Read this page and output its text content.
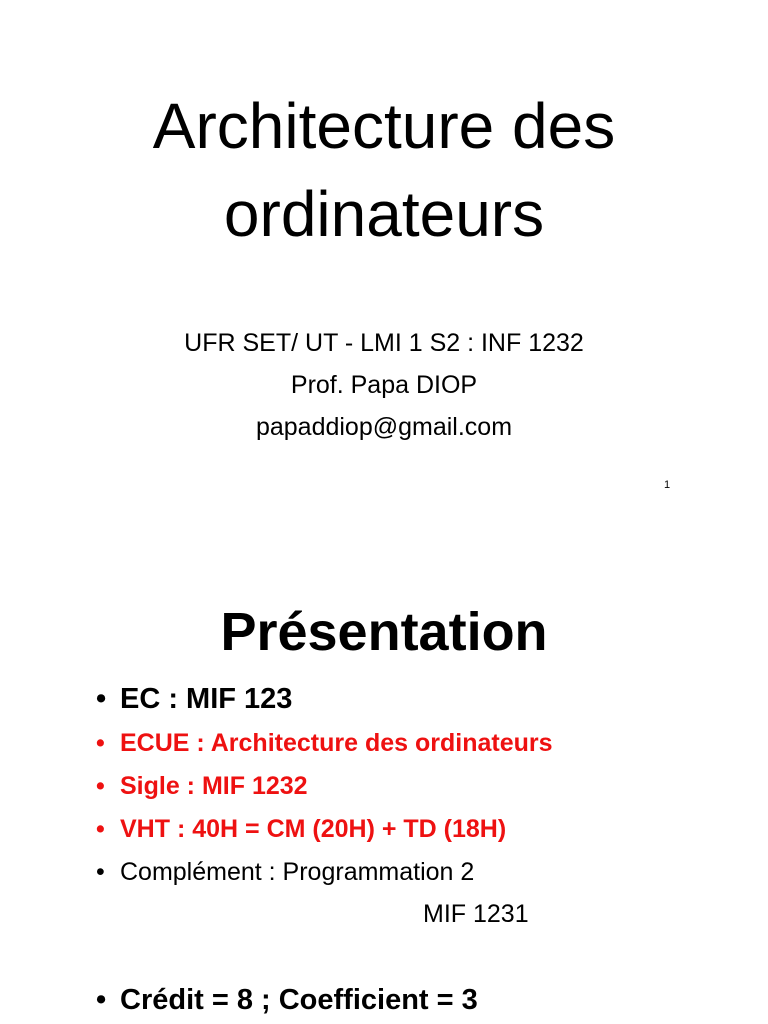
Architecture des
ordinateurs
UFR SET/ UT - LMI 1 S2 : INF 1232
Prof. Papa DIOP
papaddiop@gmail.com
1
Présentation
• EC : MIF 123
• ECUE : Architecture des ordinateurs
• Sigle : MIF 1232
• VHT : 40H = CM (20H) + TD (18H)
• Complément : Programmation 2
MIF 1231
• Crédit = 8 ; Coefficient = 3
